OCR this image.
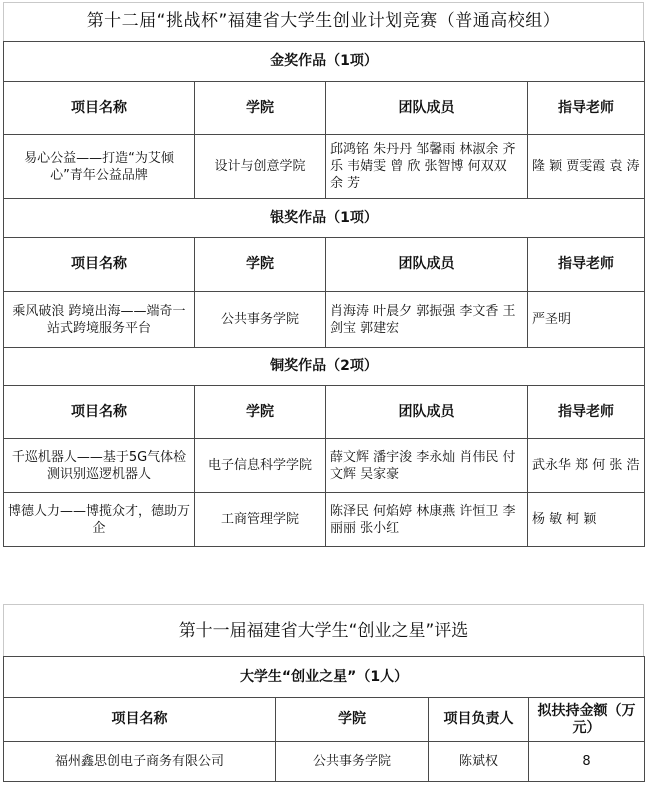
第十二届“挑战杯”福建省大学生创业计划竞赛（普通高校组）
金奖作品（1项）			
项目名称	学院	团队成员	指导老师
易心公益——打造“为艾倾心”青年公益品牌	设计与创意学院	邱鸿铭 朱丹丹 邹馨雨 林淑余 齐 乐 韦婧雯 曾 欣 张智博 何双双 余 芳	隆 颖 贾雯霞 袁 涛
银奖作品（1项）			
项目名称	学院	团队成员	指导老师
乘风破浪 跨境出海——端奇一站式跨境服务平台	公共事务学院	肖海涛 叶晨夕 郭振强 李文香 王剑宝 郭建宏	严圣明
铜奖作品（2项）			
项目名称	学院	团队成员	指导老师
千巡机器人——基于5G气体检测识别巡逻机器人	电子信息科学学院	薛文辉 潘宇浚 李永灿 肖伟民 付文辉 吴家豪	武永华 郑 何 张 浩
博德人力——博揽众才，德助万企	工商管理学院	陈泽民 何焰婷 林康燕 许恒卫 李丽丽 张小红	杨 敏 柯 颖
第十一届福建省大学生“创业之星”评选
大学生“创业之星”（1人）			
项目名称	学院	项目负责人	拟扶持金额（万元）
福州鑫思创电子商务有限公司	公共事务学院	陈斌权	8
